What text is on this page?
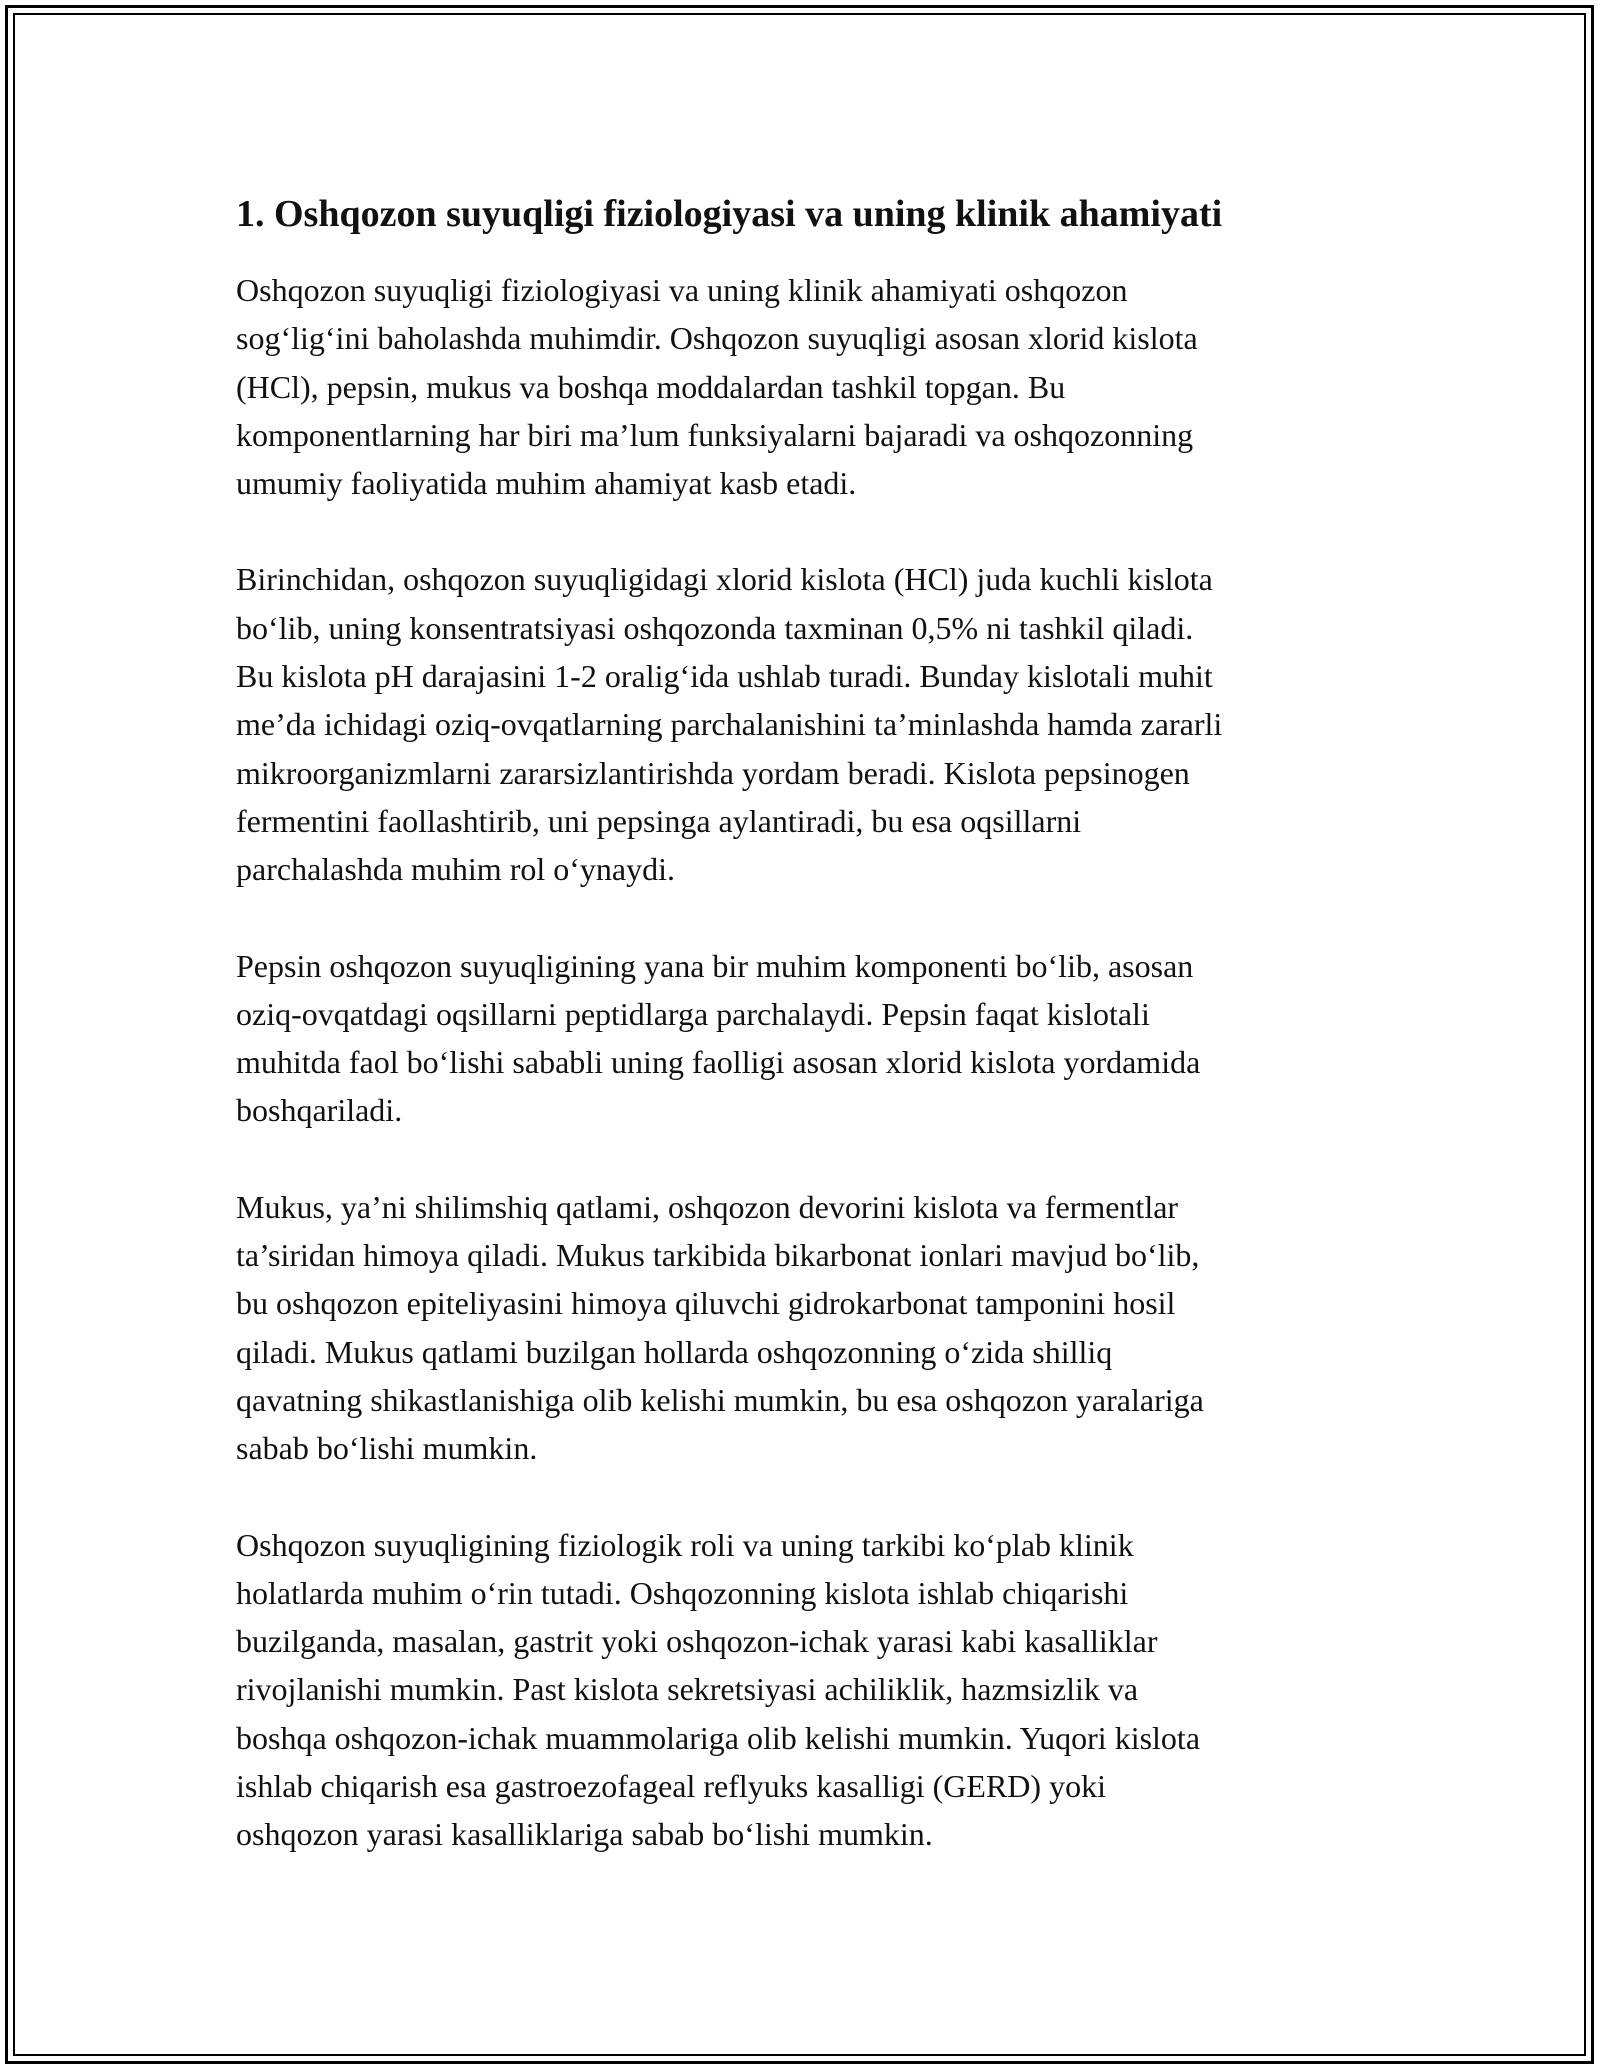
1. Oshqozon suyuqligi fiziologiyasi va uning klinik ahamiyati

Oshqozon suyuqligi fiziologiyasi va uning klinik ahamiyati oshqozon
sog‘lig‘ini baholashda muhimdir. Oshqozon suyuqligi asosan xlorid kislota
(HCl), pepsin, mukus va boshqa moddalardan tashkil topgan. Bu
komponentlarning har biri ma’lum funksiyalarni bajaradi va oshqozonning
umumiy faoliyatida muhim ahamiyat kasb etadi.

Birinchidan, oshqozon suyuqligidagi xlorid kislota (HCl) juda kuchli kislota
bo‘lib, uning konsentratsiyasi oshqozonda taxminan 0,5% ni tashkil qiladi.
Bu kislota pH darajasini 1-2 oralig‘ida ushlab turadi. Bunday kislotali muhit
me’da ichidagi oziq-ovqatlarning parchalanishini ta’minlashda hamda zararli
mikroorganizmlarni zararsizlantirishda yordam beradi. Kislota pepsinogen
fermentini faollashtirib, uni pepsinga aylantiradi, bu esa oqsillarni
parchalashda muhim rol o‘ynaydi.

Pepsin oshqozon suyuqligining yana bir muhim komponenti bo‘lib, asosan
oziq-ovqatdagi oqsillarni peptidlarga parchalaydi. Pepsin faqat kislotali
muhitda faol bo‘lishi sababli uning faolligi asosan xlorid kislota yordamida
boshqariladi.

Mukus, ya’ni shilimshiq qatlami, oshqozon devorini kislota va fermentlar
ta’siridan himoya qiladi. Mukus tarkibida bikarbonat ionlari mavjud bo‘lib,
bu oshqozon epiteliyasini himoya qiluvchi gidrokarbonat tamponini hosil
qiladi. Mukus qatlami buzilgan hollarda oshqozonning o‘zida shilliq
qavatning shikastlanishiga olib kelishi mumkin, bu esa oshqozon yaralariga
sabab bo‘lishi mumkin.

Oshqozon suyuqligining fiziologik roli va uning tarkibi ko‘plab klinik
holatlarda muhim o‘rin tutadi. Oshqozonning kislota ishlab chiqarishi
buzilganda, masalan, gastrit yoki oshqozon-ichak yarasi kabi kasalliklar
rivojlanishi mumkin. Past kislota sekretsiyasi achiliklik, hazmsizlik va
boshqa oshqozon-ichak muammolariga olib kelishi mumkin. Yuqori kislota
ishlab chiqarish esa gastroezofageal reflyuks kasalligi (GERD) yoki
oshqozon yarasi kasalliklariga sabab bo‘lishi mumkin.
